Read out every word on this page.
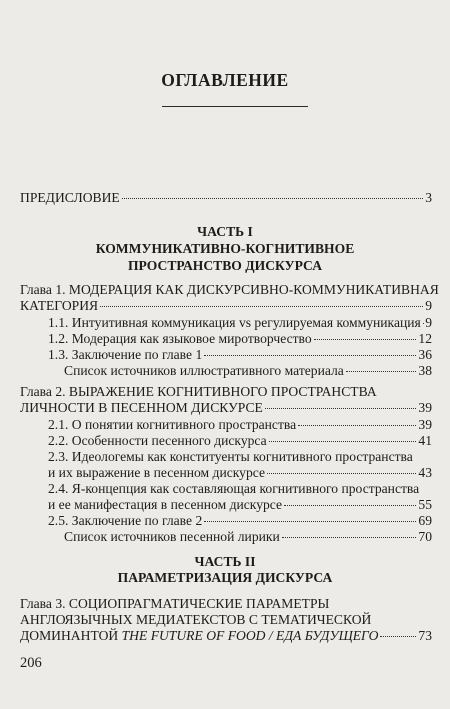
ОГЛАВЛЕНИЕ
ПРЕДИСЛОВИЕ	3
ЧАСТЬ I
КОММУНИКАТИВНО-КОГНИТИВНОЕ
ПРОСТРАНСТВО ДИСКУРСА
Глава 1. МОДЕРАЦИЯ КАК ДИСКУРСИВНО-КОММУНИКАТИВНАЯ
КАТЕГОРИЯ	9
1.1. Интуитивная коммуникация vs регулируемая коммуникация 9
1.2. Модерация как языковое миротворчество	12
1.3. Заключение по главе 1	36
Список источников иллюстративного материала	38
Глава 2. ВЫРАЖЕНИЕ КОГНИТИВНОГО ПРОСТРАНСТВА
ЛИЧНОСТИ В ПЕСЕННОМ ДИСКУРСЕ	39
2.1. О понятии когнитивного пространства	39
2.2. Особенности песенного дискурса	41
2.3. Идеологемы как конституенты когнитивного пространства
и их выражение в песенном дискурсе	43
2.4. Я-концепция как составляющая когнитивного пространства
и ее манифестация в песенном дискурсе	55
2.5. Заключение по главе 2	69
Список источников песенной лирики	70
ЧАСТЬ II
ПАРАМЕТРИЗАЦИЯ ДИСКУРСА
Глава 3. СОЦИОПРАГМАТИЧЕСКИЕ ПАРАМЕТРЫ
АНГЛОЯЗЫЧНЫХ МЕДИАТЕКСТОВ С ТЕМАТИЧЕСКОЙ
ДОМИНАНТОЙ THE FUTURE OF FOOD / ЕДА БУДУЩЕГО	73
206
